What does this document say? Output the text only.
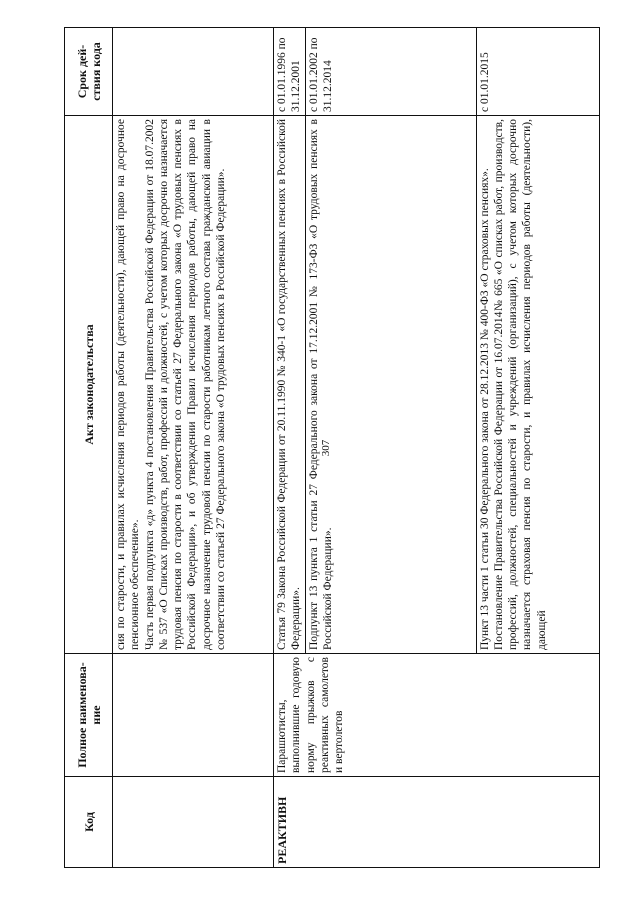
307
Код	Полное наименова-ние	Акт законодательства	Срок дей-ствия кода

		сия по старости, и правилах исчисления периодов работы (деятельности), дающей право на досрочное пенсионное обеспечение». Часть первая подпункта «д» пункта 4 постановления Правительства Российской Федерации от 18.07.2002 № 537 «О Списках производств, работ, профессий и должностей, с учетом которых досрочно назначается трудовая пенсия по старости в соответствии со статьей 27 Федерального закона «О трудовых пенсиях в Российской Федерации», и об утверждении Правил исчисления периодов работы, дающей право на досрочное назначение трудовой пенсии по старости работникам летного состава гражданской авиации в соответствии со статьей 27 Федерального закона «О трудовых пенсиях в Российской Федерации».	

РЕАКТИВН	Парашютисты, выполнившие годовую норму прыжков с реактивных самолетов и вертолетов	Статья 79 Закона Российской Федерации от 20.11.1990 № 340-1 «О государственных пенсиях в Российской Федерации».	с 01.01.1996 по 31.12.2001
		Подпункт 13 пункта 1 статьи 27 Федерального закона от 17.12.2001 № 173-ФЗ «О трудовых пенсиях в Российской Федерации».	с 01.01.2002 по 31.12.2014

		Пункт 13 части 1 статьи 30 Федерального закона от 28.12.2013 № 400-ФЗ «О страховых пенсиях». Постановление Правительства Российской Федерации от 16.07.2014№ 665 «О списках работ, производств, профессий, должностей, специальностей и учреждений (организаций), с учетом которых досрочно назначается страховая пенсия по старости, и правилах исчисления периодов работы (деятельности), дающей	с 01.01.2015
